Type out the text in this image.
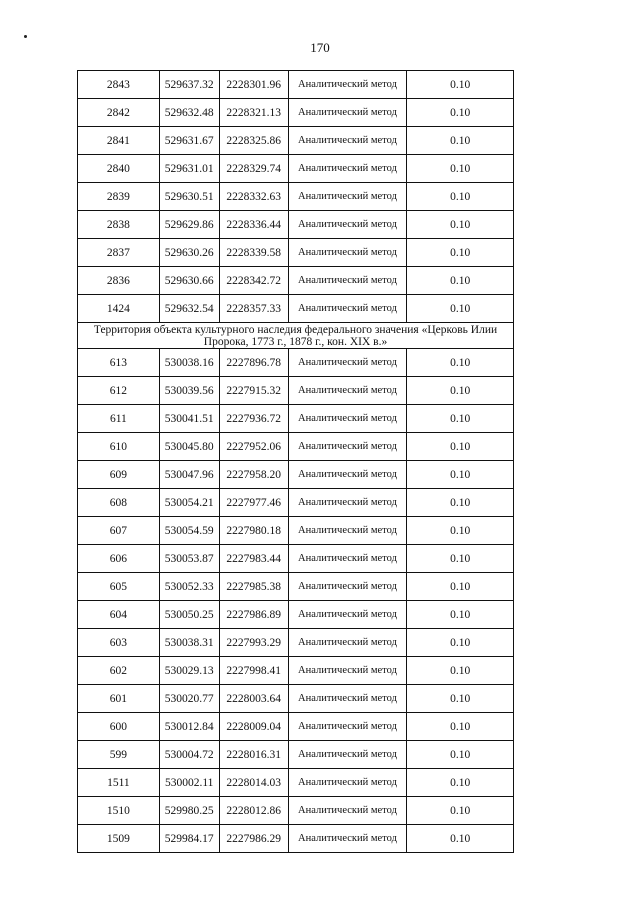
170
2843	529637.32	2228301.96	Аналитический метод	0.10
2842	529632.48	2228321.13	Аналитический метод	0.10
2841	529631.67	2228325.86	Аналитический метод	0.10
2840	529631.01	2228329.74	Аналитический метод	0.10
2839	529630.51	2228332.63	Аналитический метод	0.10
2838	529629.86	2228336.44	Аналитический метод	0.10
2837	529630.26	2228339.58	Аналитический метод	0.10
2836	529630.66	2228342.72	Аналитический метод	0.10
1424	529632.54	2228357.33	Аналитический метод	0.10
Территория объекта культурного наследия федерального значения «Церковь Илии Пророка, 1773 г., 1878 г., кон. XIX в.»				
613	530038.16	2227896.78	Аналитический метод	0.10
612	530039.56	2227915.32	Аналитический метод	0.10
611	530041.51	2227936.72	Аналитический метод	0.10
610	530045.80	2227952.06	Аналитический метод	0.10
609	530047.96	2227958.20	Аналитический метод	0.10
608	530054.21	2227977.46	Аналитический метод	0.10
607	530054.59	2227980.18	Аналитический метод	0.10
606	530053.87	2227983.44	Аналитический метод	0.10
605	530052.33	2227985.38	Аналитический метод	0.10
604	530050.25	2227986.89	Аналитический метод	0.10
603	530038.31	2227993.29	Аналитический метод	0.10
602	530029.13	2227998.41	Аналитический метод	0.10
601	530020.77	2228003.64	Аналитический метод	0.10
600	530012.84	2228009.04	Аналитический метод	0.10
599	530004.72	2228016.31	Аналитический метод	0.10
1511	530002.11	2228014.03	Аналитический метод	0.10
1510	529980.25	2228012.86	Аналитический метод	0.10
1509	529984.17	2227986.29	Аналитический метод	0.10
